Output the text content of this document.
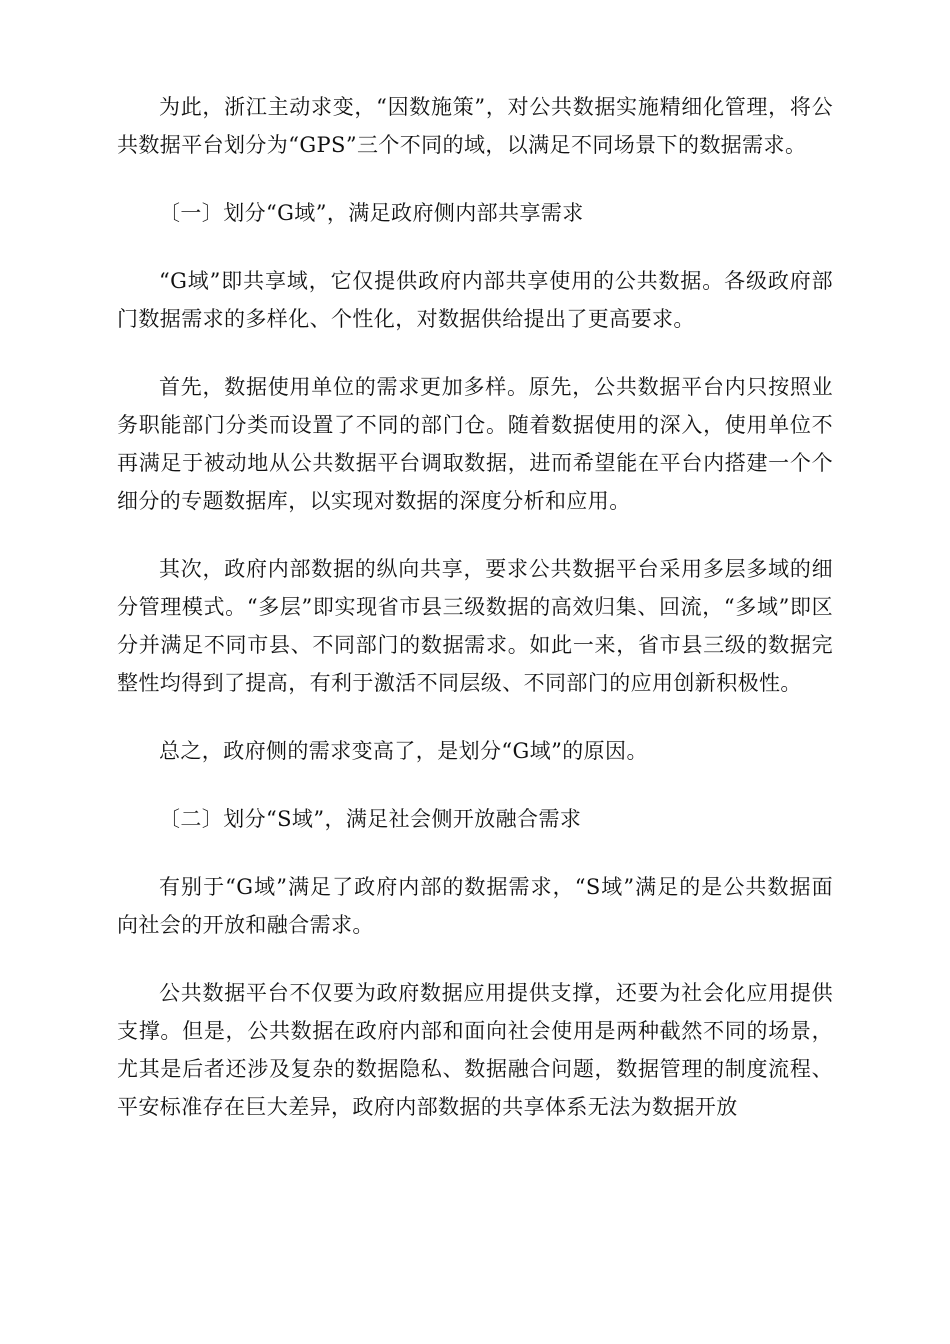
为此，浙江主动求变，“因数施策”，对公共数据实施精细化管理，将公共数据平台划分为“GPS”三个不同的域，以满足不同场景下的数据需求。

〔一〕划分“G域”，满足政府侧内部共享需求

“G域”即共享域，它仅提供政府内部共享使用的公共数据。各级政府部门数据需求的多样化、个性化，对数据供给提出了更高要求。

首先，数据使用单位的需求更加多样。原先，公共数据平台内只按照业务职能部门分类而设置了不同的部门仓。随着数据使用的深入，使用单位不再满足于被动地从公共数据平台调取数据，进而希望能在平台内搭建一个个细分的专题数据库，以实现对数据的深度分析和应用。

其次，政府内部数据的纵向共享，要求公共数据平台采用多层多域的细分管理模式。“多层”即实现省市县三级数据的高效归集、回流，“多域”即区分并满足不同市县、不同部门的数据需求。如此一来，省市县三级的数据完整性均得到了提高，有利于激活不同层级、不同部门的应用创新积极性。

总之，政府侧的需求变高了，是划分“G域”的原因。

〔二〕划分“S域”，满足社会侧开放融合需求

有别于“G域”满足了政府内部的数据需求，“S域”满足的是公共数据面向社会的开放和融合需求。

公共数据平台不仅要为政府数据应用提供支撑，还要为社会化应用提供支撑。但是，公共数据在政府内部和面向社会使用是两种截然不同的场景，尤其是后者还涉及复杂的数据隐私、数据融合问题，数据管理的制度流程、平安标准存在巨大差异，政府内部数据的共享体系无法为数据开放
